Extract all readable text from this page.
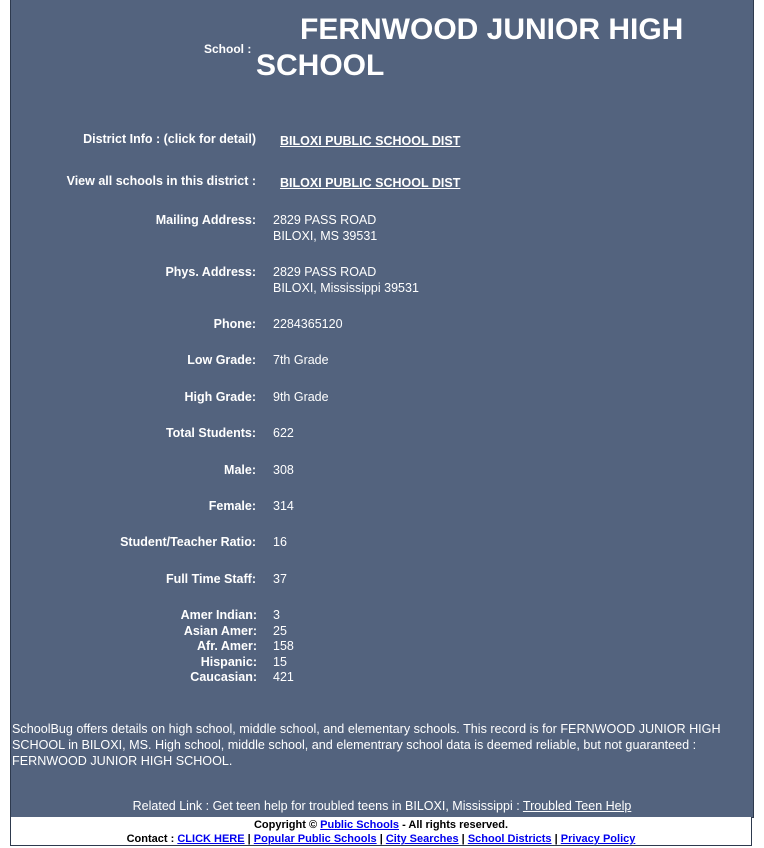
School :
FERNWOOD JUNIOR HIGH
SCHOOL
District Info : (click for detail) BILOXI PUBLIC SCHOOL DIST
View all schools in this district : BILOXI PUBLIC SCHOOL DIST
Mailing Address: 2829 PASS ROAD
BILOXI, MS 39531
Phys. Address: 2829 PASS ROAD
BILOXI, Mississippi 39531
Phone: 2284365120
Low Grade: 7th Grade
High Grade: 9th Grade
Total Students: 622
Male: 308
Female: 314
Student/Teacher Ratio: 16
Full Time Staff: 37
Amer Indian: 3
Asian Amer: 25
Afr. Amer: 158
Hispanic: 15
Caucasian: 421
SchoolBug offers details on high school, middle school, and elementary schools. This record is for FERNWOOD JUNIOR HIGH SCHOOL in BILOXI, MS. High school, middle school, and elementrary school data is deemed reliable, but not guaranteed : FERNWOOD JUNIOR HIGH SCHOOL.
Related Link : Get teen help for troubled teens in BILOXI, Mississippi : Troubled Teen Help
Copyright © Public Schools - All rights reserved.
Contact : CLICK HERE | Popular Public Schools | City Searches | School Districts | Privacy Policy
